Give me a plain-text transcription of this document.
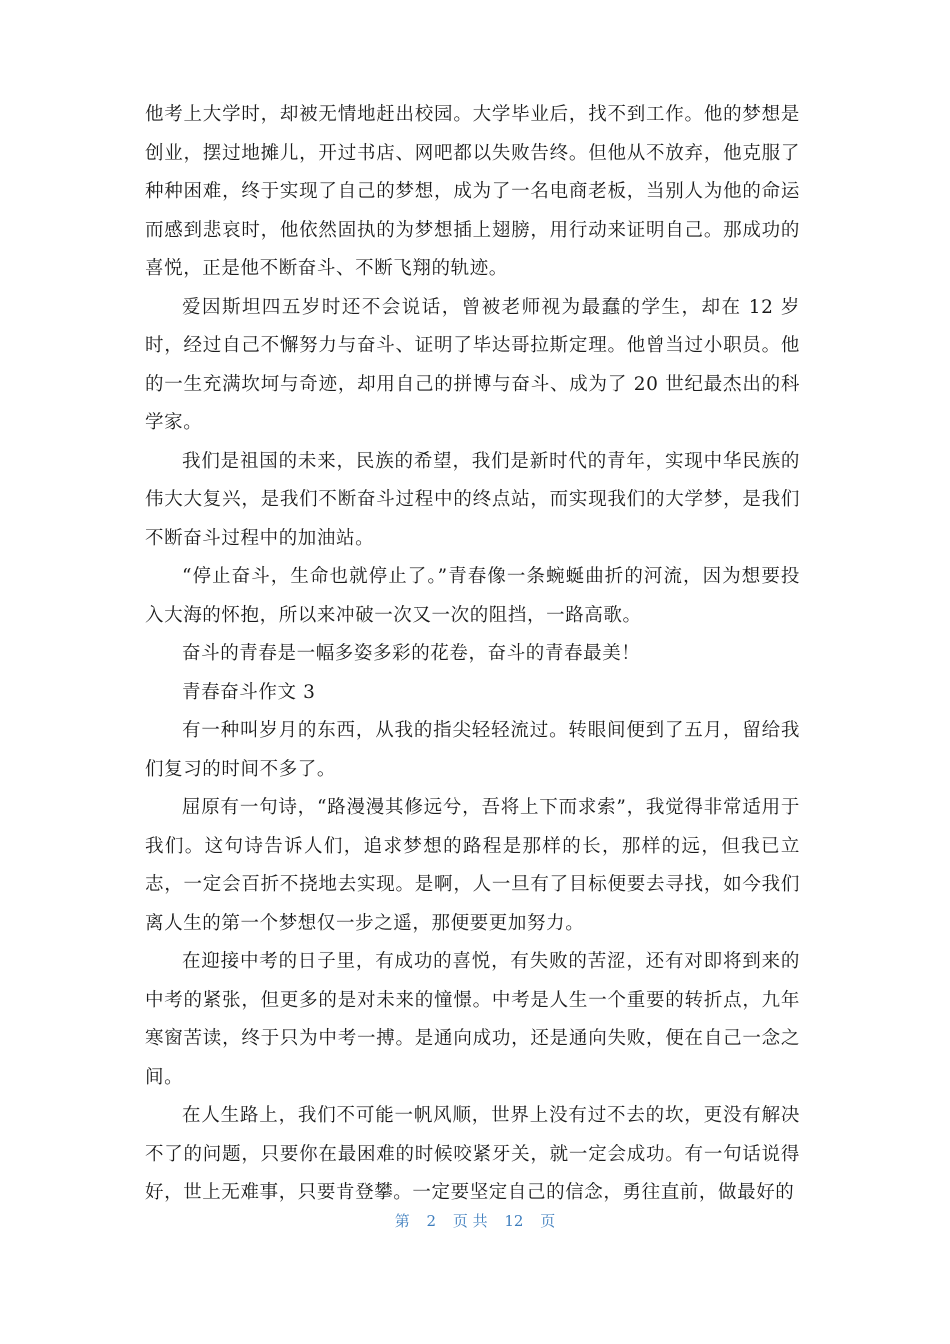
他考上大学时，却被无情地赶出校园。大学毕业后，找不到工作。他的梦想是创业，摆过地摊儿，开过书店、网吧都以失败告终。但他从不放弃，他克服了种种困难，终于实现了自己的梦想，成为了一名电商老板，当别人为他的命运而感到悲哀时，他依然固执的为梦想插上翅膀，用行动来证明自己。那成功的喜悦，正是他不断奋斗、不断飞翔的轨迹。

爱因斯坦四五岁时还不会说话，曾被老师视为最蠢的学生，却在 12 岁时，经过自己不懈努力与奋斗、证明了毕达哥拉斯定理。他曾当过小职员。他的一生充满坎坷与奇迹，却用自己的拼博与奋斗、成为了 20 世纪最杰出的科学家。

我们是祖国的未来，民族的希望，我们是新时代的青年，实现中华民族的伟大大复兴，是我们不断奋斗过程中的终点站，而实现我们的大学梦，是我们不断奋斗过程中的加油站。

“停止奋斗，生命也就停止了。”青春像一条蜿蜒曲折的河流，因为想要投入大海的怀抱，所以来冲破一次又一次的阻挡，一路高歌。

奋斗的青春是一幅多姿多彩的花卷，奋斗的青春最美！

青春奋斗作文 3

有一种叫岁月的东西，从我的指尖轻轻流过。转眼间便到了五月，留给我们复习的时间不多了。

屈原有一句诗，“路漫漫其修远兮，吾将上下而求索”，我觉得非常适用于我们。这句诗告诉人们，追求梦想的路程是那样的长，那样的远，但我已立志，一定会百折不挠地去实现。是啊，人一旦有了目标便要去寻找，如今我们离人生的第一个梦想仅一步之遥，那便要更加努力。

在迎接中考的日子里，有成功的喜悦，有失败的苦涩，还有对即将到来的中考的紧张，但更多的是对未来的憧憬。中考是人生一个重要的转折点，九年寒窗苦读，终于只为中考一搏。是通向成功，还是通向失败，便在自己一念之间。

在人生路上，我们不可能一帆风顺，世界上没有过不去的坎，更没有解决不了的问题，只要你在最困难的时候咬紧牙关，就一定会成功。有一句话说得好，世上无难事，只要肯登攀。一定要坚定自己的信念，勇往直前，做最好的

第 2 页 共 12 页
